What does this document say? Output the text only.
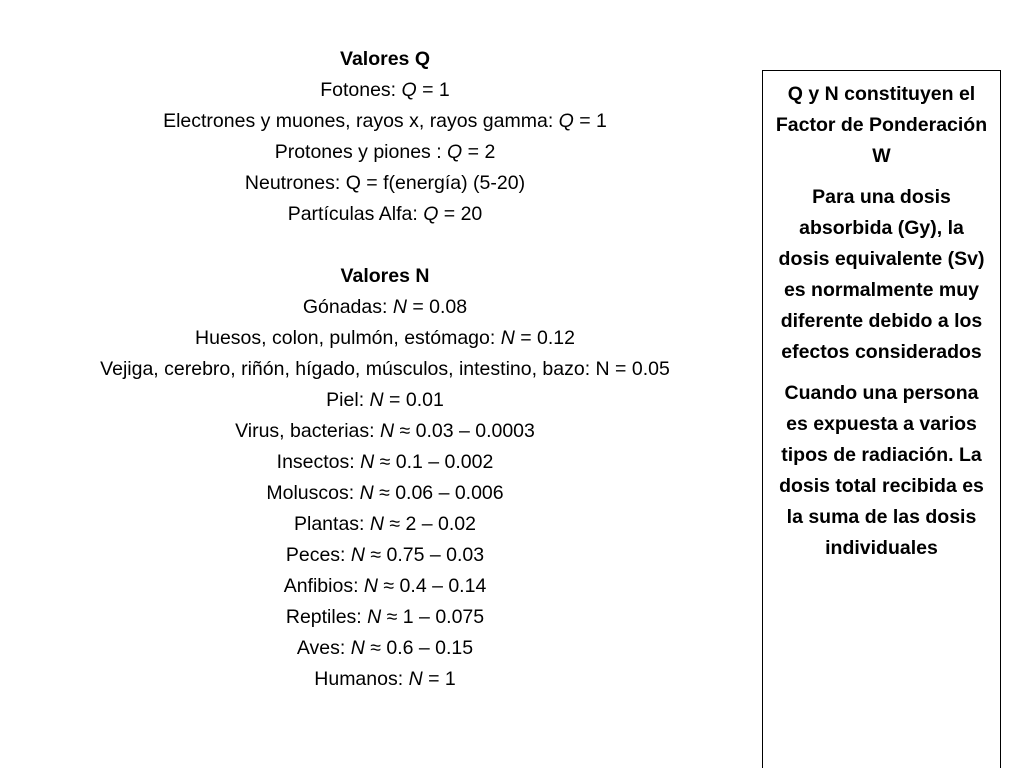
Valores Q
Fotones: Q = 1
Electrones y muones, rayos x, rayos gamma: Q = 1
Protones y piones : Q = 2
Neutrones: Q = f(energía) (5-20)
Partículas Alfa: Q = 20
Valores N
Gónadas: N = 0.08
Huesos, colon, pulmón, estómago: N = 0.12
Vejiga, cerebro, riñón, hígado, músculos, intestino, bazo: N = 0.05
Piel: N = 0.01
Virus, bacterias: N ≈ 0.03 – 0.0003
Insectos: N ≈ 0.1 – 0.002
Moluscos: N ≈ 0.06 – 0.006
Plantas: N ≈ 2 – 0.02
Peces: N ≈ 0.75 – 0.03
Anfibios: N ≈ 0.4 – 0.14
Reptiles: N ≈ 1 – 0.075
Aves: N ≈ 0.6 – 0.15
Humanos: N = 1

Q y N constituyen el Factor de Ponderación W

Para una dosis absorbida (Gy), la dosis equivalente (Sv) es normalmente muy diferente debido a los efectos considerados

Cuando una persona es expuesta a varios tipos de radiación. La dosis total recibida es la suma de las dosis individuales
